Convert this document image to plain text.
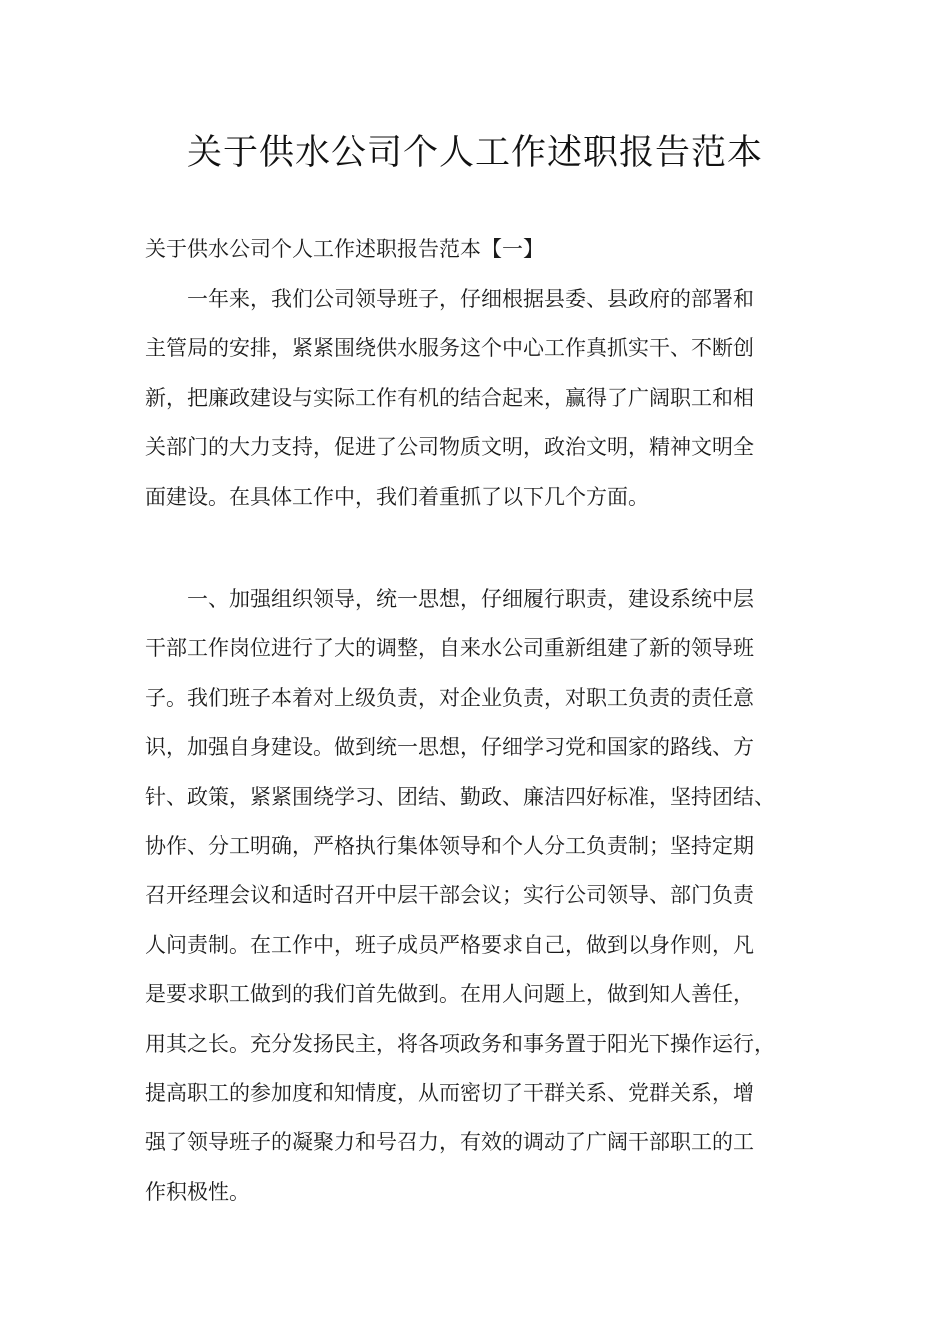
关于供水公司个人工作述职报告范本

关于供水公司个人工作述职报告范本【一】

一年来，我们公司领导班子，仔细根据县委、县政府的部署和
主管局的安排，紧紧围绕供水服务这个中心工作真抓实干、不断创
新，把廉政建设与实际工作有机的结合起来，赢得了广阔职工和相
关部门的大力支持，促进了公司物质文明，政治文明，精神文明全
面建设。在具体工作中，我们着重抓了以下几个方面。
一、加强组织领导，统一思想，仔细履行职责，建设系统中层
干部工作岗位进行了大的调整，自来水公司重新组建了新的领导班
子。我们班子本着对上级负责，对企业负责，对职工负责的责任意
识，加强自身建设。做到统一思想，仔细学习党和国家的路线、方
针、政策，紧紧围绕学习、团结、勤政、廉洁四好标准，坚持团结、
协作、分工明确，严格执行集体领导和个人分工负责制；坚持定期
召开经理会议和适时召开中层干部会议；实行公司领导、部门负责
人问责制。在工作中，班子成员严格要求自己，做到以身作则，凡
是要求职工做到的我们首先做到。在用人问题上，做到知人善任，
用其之长。充分发扬民主，将各项政务和事务置于阳光下操作运行，
提高职工的参加度和知情度，从而密切了干群关系、党群关系，增
强了领导班子的凝聚力和号召力，有效的调动了广阔干部职工的工
作积极性。
